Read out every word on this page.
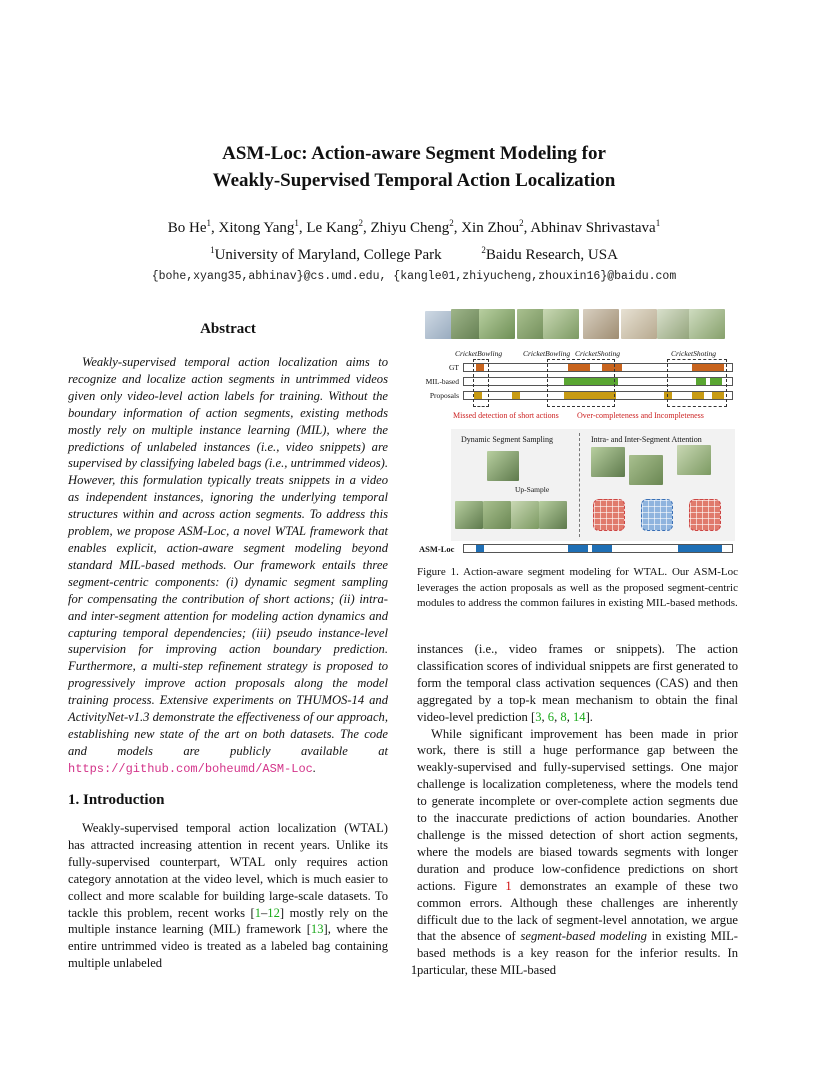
ASM-Loc: Action-aware Segment Modeling for
Weakly-Supervised Temporal Action Localization
Bo He$^1$, Xitong Yang$^1$, Le Kang$^2$, Zhiyu Cheng$^2$, Xin Zhou$^2$, Abhinav Shrivastava$^1$
$^1$University of Maryland, College Park	$^2$Baidu Research, USA
{bohe,xyang35,abhinav}@cs.umd.edu, {kangle01,zhiyucheng,zhouxin16}@baidu.com
Abstract
Weakly-supervised temporal action localization aims to recognize and localize action segments in untrimmed videos given only video-level action labels for training. Without the boundary information of action segments, existing methods mostly rely on multiple instance learning (MIL), where the predictions of unlabeled instances (i.e., video snippets) are supervised by classifying labeled bags (i.e., untrimmed videos). However, this formulation typically treats snippets in a video as independent instances, ignoring the underlying temporal structures within and across action segments. To address this problem, we propose ASM-Loc, a novel WTAL framework that enables explicit, action-aware segment modeling beyond standard MIL-based methods. Our framework entails three segment-centric components: (i) dynamic segment sampling for compensating the contribution of short actions; (ii) intra- and inter-segment attention for modeling action dynamics and capturing temporal dependencies; (iii) pseudo instance-level supervision for improving action boundary prediction. Furthermore, a multi-step refinement strategy is proposed to progressively improve action proposals along the model training process. Extensive experiments on THUMOS-14 and ActivityNet-v1.3 demonstrate the effectiveness of our approach, establishing new state of the art on both datasets. The code and models are publicly available at https://github.com/boheumd/ASM-Loc.
1. Introduction
Weakly-supervised temporal action localization (WTAL) has attracted increasing attention in recent years. Unlike its fully-supervised counterpart, WTAL only requires action category annotation at the video level, which is much easier to collect and more scalable for building large-scale datasets. To tackle this problem, recent works [1–12] mostly rely on the multiple instance learning (MIL) framework [13], where the entire untrimmed video is treated as a labeled bag containing multiple unlabeled
CricketBowling	CricketBowling CricketShoting	CricketShoting
GT
MIL-based
Proposals
Missed detection of short actions Over-completeness and Incompleteness
Dynamic Segment Sampling	Intra- and Inter-Segment Attention
Up-Sample
ASM-Loc
Figure 1. Action-aware segment modeling for WTAL. Our ASM-Loc leverages the action proposals as well as the proposed segment-centric modules to address the common failures in existing MIL-based methods.

instances (i.e., video frames or snippets). The action classification scores of individual snippets are first generated to form the temporal class activation sequences (CAS) and then aggregated by a top-k mean mechanism to obtain the final video-level prediction [3, 6, 8, 14].

While significant improvement has been made in prior work, there is still a huge performance gap between the weakly-supervised and fully-supervised settings. One major challenge is localization completeness, where the models tend to generate incomplete or over-complete action segments due to the inaccurate predictions of action boundaries. Another challenge is the missed detection of short action segments, where the models are biased towards segments with longer duration and produce low-confidence predictions on short actions. Figure 1 demonstrates an example of these two common errors. Although these challenges are inherently difficult due to the lack of segment-level annotation, we argue that the absence of segment-based modeling in existing MIL-based methods is a key reason for the inferior results. In particular, these MIL-based

1
